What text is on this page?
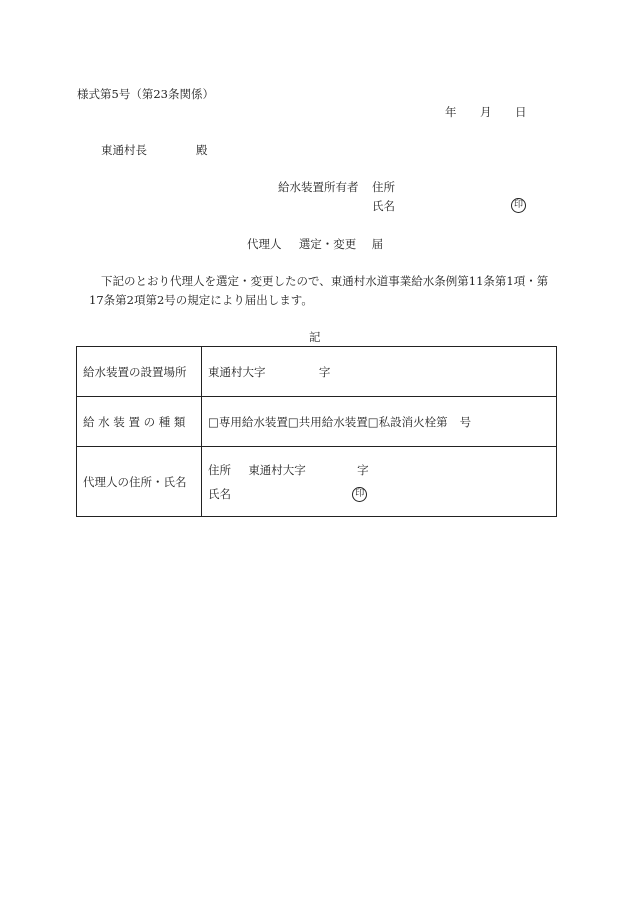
様式第5号（第23条関係）
年 月 日
東通村長	殿
給水装置所有者 住所
氏名	印
代理人 選定・変更 届
下記のとおり代理人を選定・変更したので、東通村水道事業給水条例第11条第1項・第
17条第2項第2号の規定により届出します。
記
給水装置の設置場所	東通村大字 字
給 水 装 置 の 種 類	□専用給水装置□共用給水装置□私設消火栓第 号
代理人の住所・氏名	住所 東通村大字 字
氏名 印
